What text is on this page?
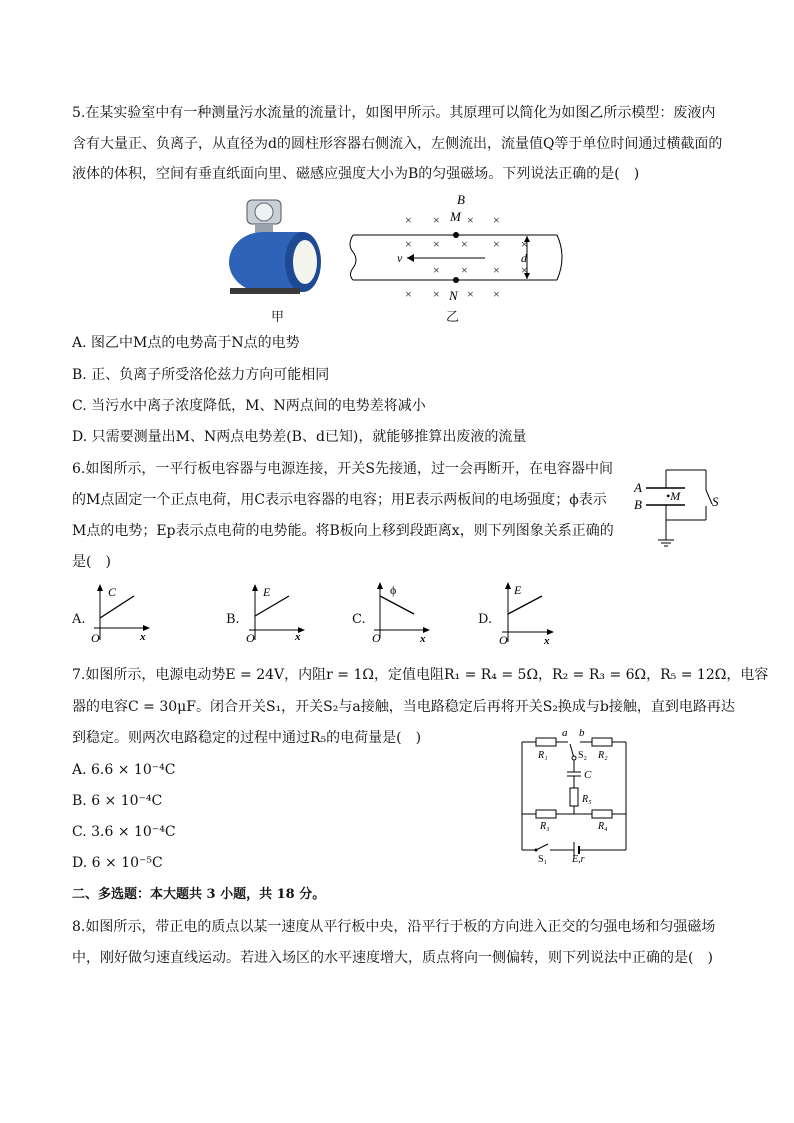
5.在某实验室中有一种测量污水流量的流量计，如图甲所示。其原理可以简化为如图乙所示模型：废液内
含有大量正、负离子，从直径为d的圆柱形容器右侧流入，左侧流出，流量值Q等于单位时间通过横截面的
液体的体积，空间有垂直纸面向里、磁感应强度大小为B的匀强磁场。下列说法正确的是(　)
甲
B
× × × ×
× × × ×
×
× × × ×
× × × ×
M
N
v	d
乙
A. 图乙中M点的电势高于N点的电势
B. 正、负离子所受洛伦兹力方向可能相同
C. 当污水中离子浓度降低，M、N两点间的电势差将减小
D. 只需要测量出M、N两点电势差(B、d已知)，就能够推算出废液的流量
6.如图所示，一平行板电容器与电源连接，开关S先接通，过一会再断开，在电容器中间
的M点固定一个正点电荷，用C表示电容器的电容；用E表示两板间的电场强度；ϕ表示
M点的电势；Ep表示点电荷的电势能。将B板向上移到段距离x，则下列图象关系正确的
是(　)
A
B
•M S
A.
C
x
O
B.
E
x
O
C.
ϕ
x
O
D.
E
x
O
7.如图所示，电源电动势E = 24V，内阻r = 1Ω，定值电阻R₁ = R₄ = 5Ω，R₂ = R₃ = 6Ω，R₅ = 12Ω，电容
器的电容C = 30μF。闭合开关S₁，开关S₂与a接触，当电路稳定后再将开关S₂换成与b接触，直到电路再达
到稳定。则两次电路稳定的过程中通过R₅的电荷量是(　)
A. 6.6 × 10⁻⁴C
B. 6 × 10⁻⁴C
C. 3.6 × 10⁻⁴C
D. 6 × 10⁻⁵C
a b
R₁	R₂
S₂
C
R₅
R₃	R₄
S₁ E,r
二、多选题：本大题共 3 小题，共 18 分。
8.如图所示，带正电的质点以某一速度从平行板中央，沿平行于板的方向进入正交的匀强电场和匀强磁场
中，刚好做匀速直线运动。若进入场区的水平速度增大，质点将向一侧偏转，则下列说法中正确的是(　)
